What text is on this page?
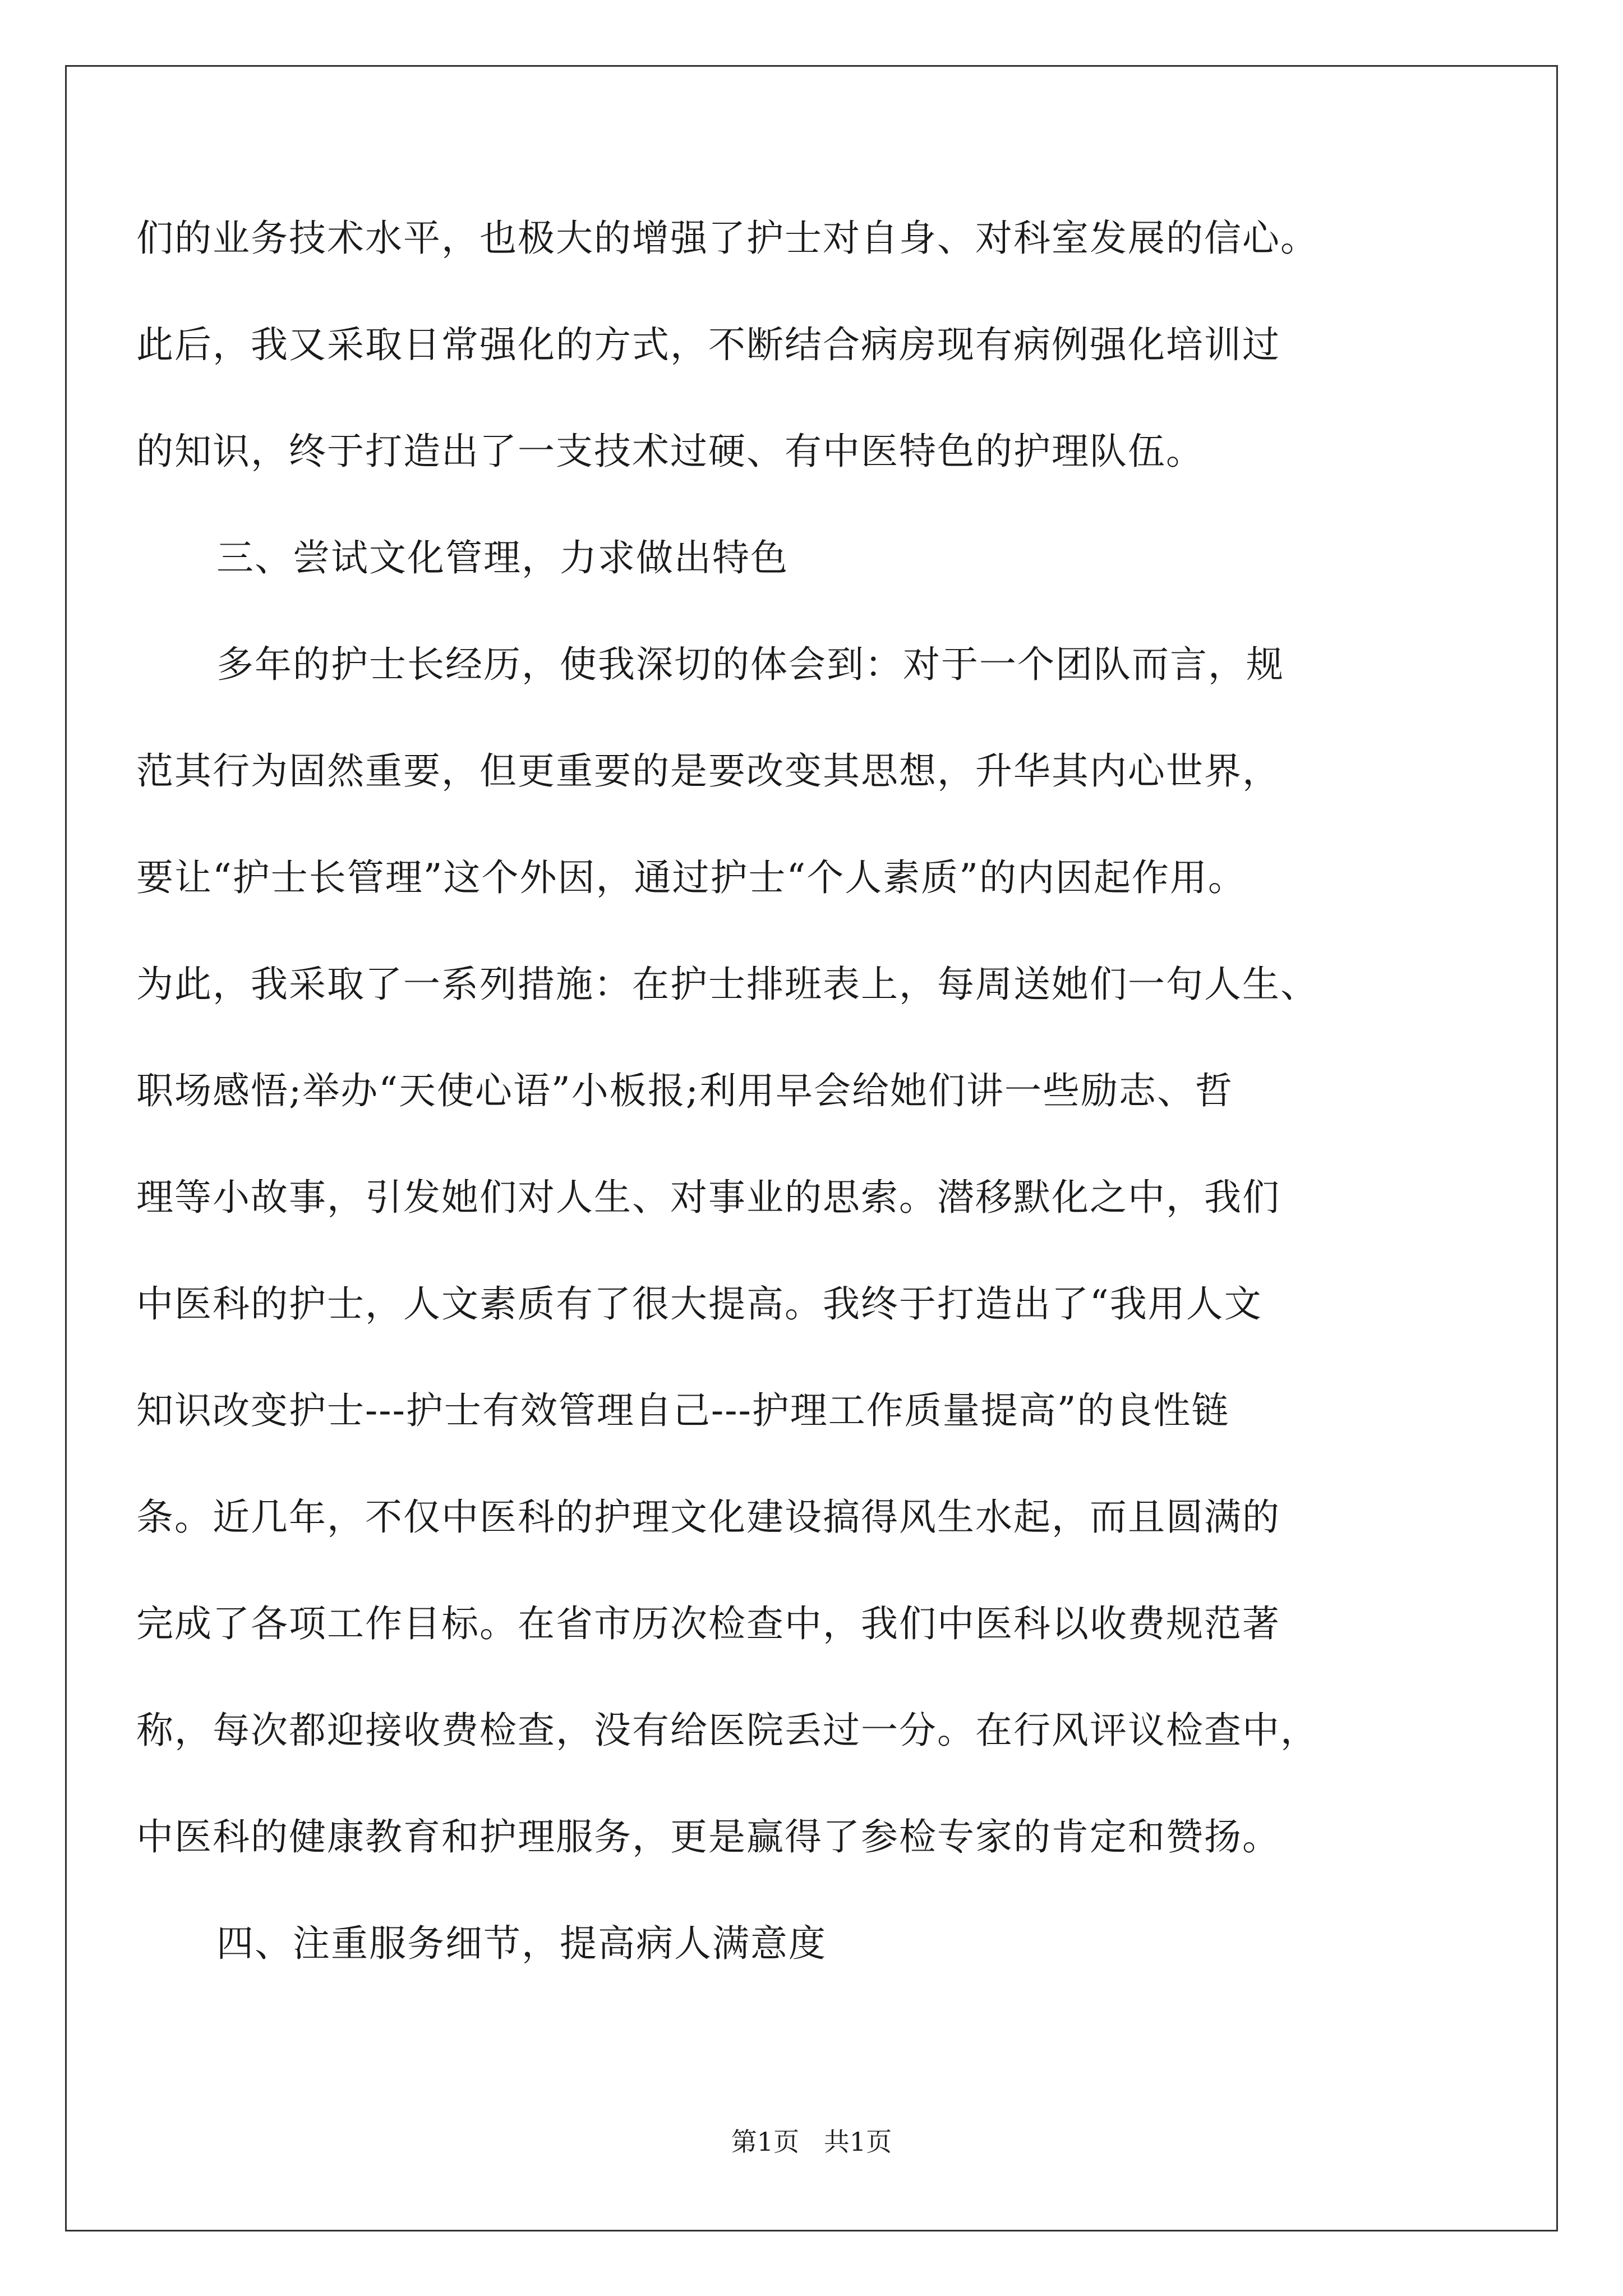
们的业务技术水平，也极大的增强了护士对自身、对科室发展的信心。

此后，我又采取日常强化的方式，不断结合病房现有病例强化培训过

的知识，终于打造出了一支技术过硬、有中医特色的护理队伍。

三、尝试文化管理，力求做出特色

多年的护士长经历，使我深切的体会到：对于一个团队而言，规

范其行为固然重要，但更重要的是要改变其思想，升华其内心世界，

要让“护士长管理”这个外因，通过护士“个人素质”的内因起作用。

为此，我采取了一系列措施：在护士排班表上，每周送她们一句人生、

职场感悟;举办“天使心语”小板报;利用早会给她们讲一些励志、哲

理等小故事，引发她们对人生、对事业的思索。潜移默化之中，我们

中医科的护士，人文素质有了很大提高。我终于打造出了“我用人文

知识改变护士---护士有效管理自己---护理工作质量提高”的良性链

条。近几年，不仅中医科的护理文化建设搞得风生水起，而且圆满的

完成了各项工作目标。在省市历次检查中，我们中医科以收费规范著

称，每次都迎接收费检查，没有给医院丢过一分。在行风评议检查中，

中医科的健康教育和护理服务，更是赢得了参检专家的肯定和赞扬。

四、注重服务细节，提高病人满意度

第1页   共1页
